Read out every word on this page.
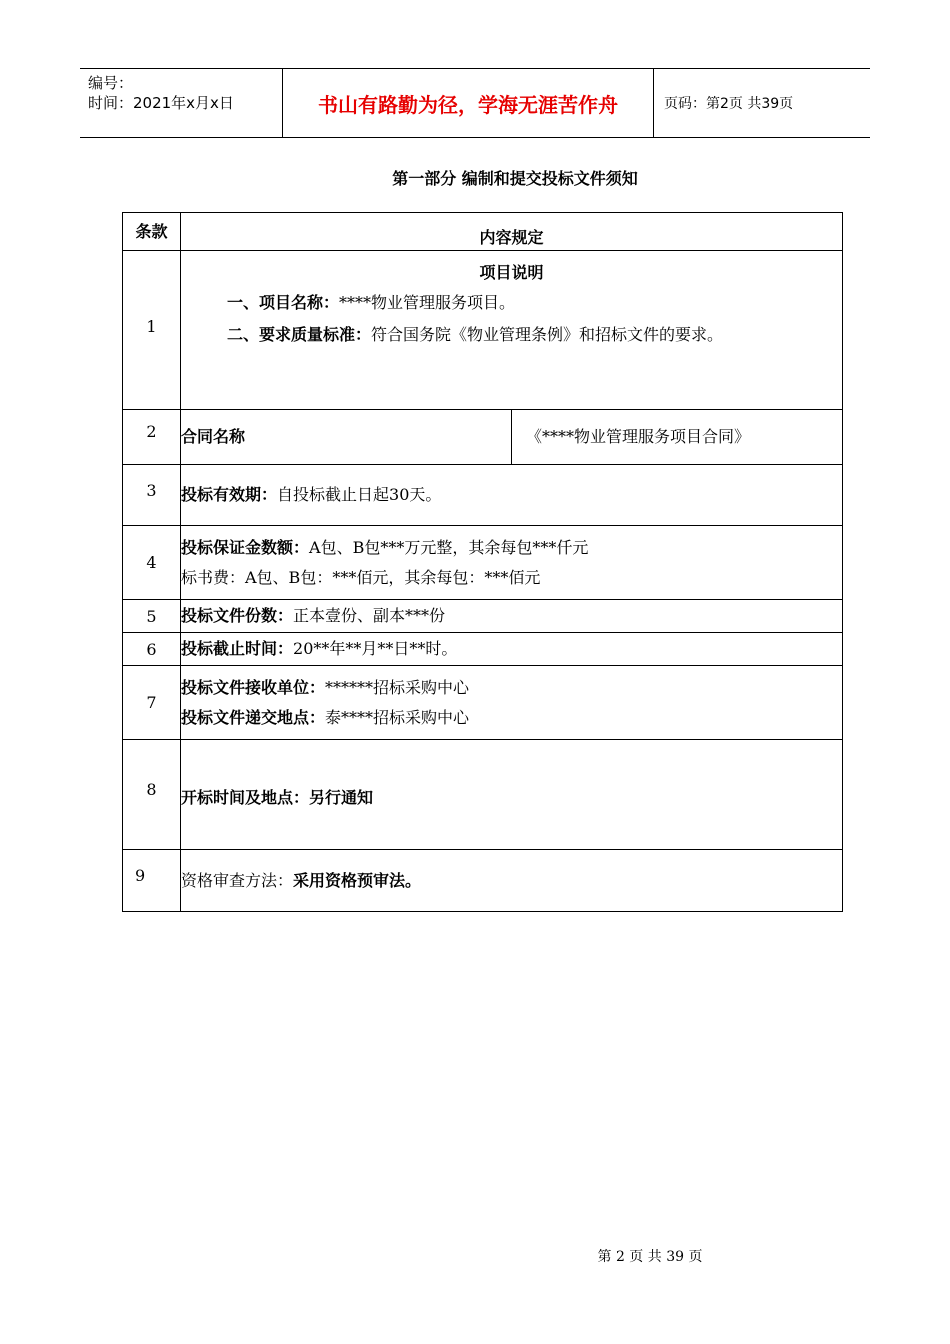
编号：
时间：2021年x月x日	书山有路勤为径，学海无涯苦作舟	页码：第2页 共39页
第一部分 编制和提交投标文件须知
条款	内容规定	
1	项目说明
一、项目名称：****物业管理服务项目。
二、要求质量标准：符合国务院《物业管理条例》和招标文件的要求。	

2	合同名称	《****物业管理服务项目合同》
3	投标有效期：自投标截止日起30天。	
4	投标保证金数额：A包、B包***万元整，其余每包***仟元
标书费：A包、B包：***佰元，其余每包：***佰元	

5	投标文件份数：正本壹份、副本***份	
6	投标截止时间：20**年**月**日**时。	
7	投标文件接收单位：******招标采购中心
投标文件递交地点：泰****招标采购中心	

8	开标时间及地点：另行通知	
9	资格审查方法：采用资格预审法。	
第 2 页 共 39 页
